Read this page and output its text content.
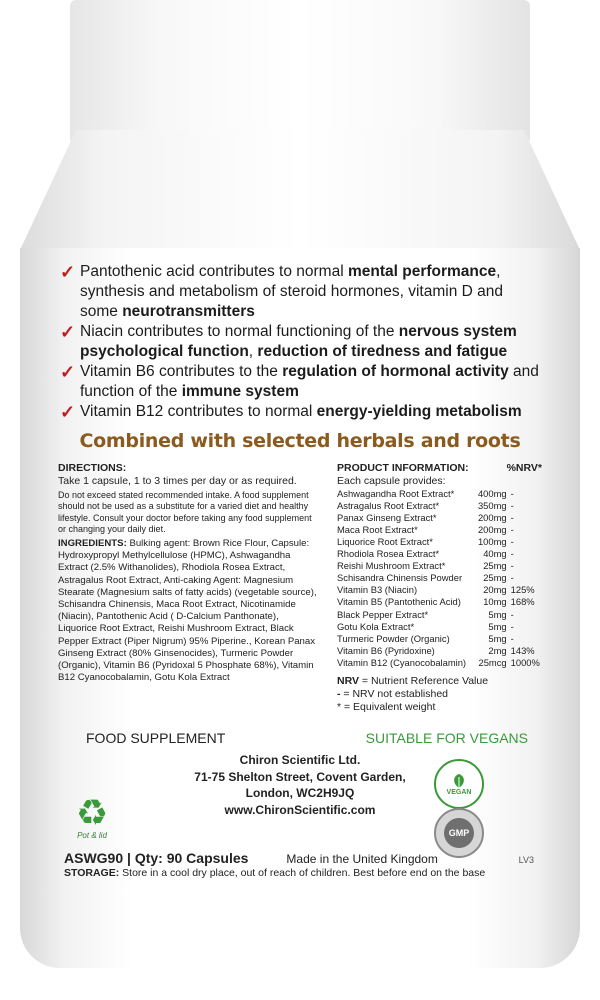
✓ Pantothenic acid contributes to normal mental performance, synthesis and metabolism of steroid hormones, vitamin D and some neurotransmitters
✓ Niacin contributes to normal functioning of the nervous system psychological function, reduction of tiredness and fatigue
✓ Vitamin B6 contributes to the regulation of hormonal activity and function of the immune system
✓ Vitamin B12 contributes to normal energy-yielding metabolism
Combined with selected herbals and roots
DIRECTIONS:
Take 1 capsule, 1 to 3 times per day or as required.
Do not exceed stated recommended intake. A food supplement should not be used as a substitute for a varied diet and healthy lifestyle. Consult your doctor before taking any food supplement or changing your daily diet.
INGREDIENTS: Bulking agent: Brown Rice Flour, Capsule: Hydroxypropyl Methylcellulose (HPMC), Ashwagandha Extract (2.5% Withanolides), Rhodiola Rosea Extract, Astragalus Root Extract, Anti-caking Agent: Magnesium Stearate (Magnesium salts of fatty acids) (vegetable source), Schisandra Chinensis, Maca Root Extract, Nicotinamide (Niacin), Pantothenic Acid ( D-Calcium Panthonate), Liquorice Root Extract, Reishi Mushroom Extract, Black Pepper Extract (Piper Nigrum) 95% Piperine., Korean Panax Ginseng Extract (80% Ginsenocides), Turmeric Powder (Organic), Vitamin B6 (Pyridoxal 5 Phosphate 68%), Vitamin B12 Cyanocobalamin, Gotu Kola Extract
PRODUCT INFORMATION:	%NRV*
Each capsule provides:
Ashwagandha Root Extract*	400mg	-
Astragalus Root Extract*	350mg	-
Panax Ginseng Extract*	200mg	-
Maca Root Extract*	200mg	-
Liquorice Root Extract*	100mg	-
Rhodiola Rosea Extract*	40mg	-
Reishi Mushroom Extract*	25mg	-
Schisandra Chinensis Powder	25mg	-
Vitamin B3 (Niacin)	20mg	125%
Vitamin B5 (Pantothenic Acid)	10mg	168%
Black Pepper Extract*	5mg	-
Gotu Kola Extract*	5mg	-
Turmeric Powder (Organic)	5mg	-
Vitamin B6 (Pyridoxine)	2mg	143%
Vitamin B12 (Cyanocobalamin)	25mcg	1000%
NRV = Nutrient Reference Value
- = NRV not established
* = Equivalent weight
FOOD SUPPLEMENT	SUITABLE FOR VEGANS
Chiron Scientific Ltd.
71-75 Shelton Street, Covent Garden,
London, WC2H9JQ
www.ChironScientific.com
♻
Pot & lid
VEGAN
GMP
ASWG90 | Qty: 90 Capsules	Made in the United Kingdom	LV3
STORAGE: Store in a cool dry place, out of reach of children. Best before end on the base
